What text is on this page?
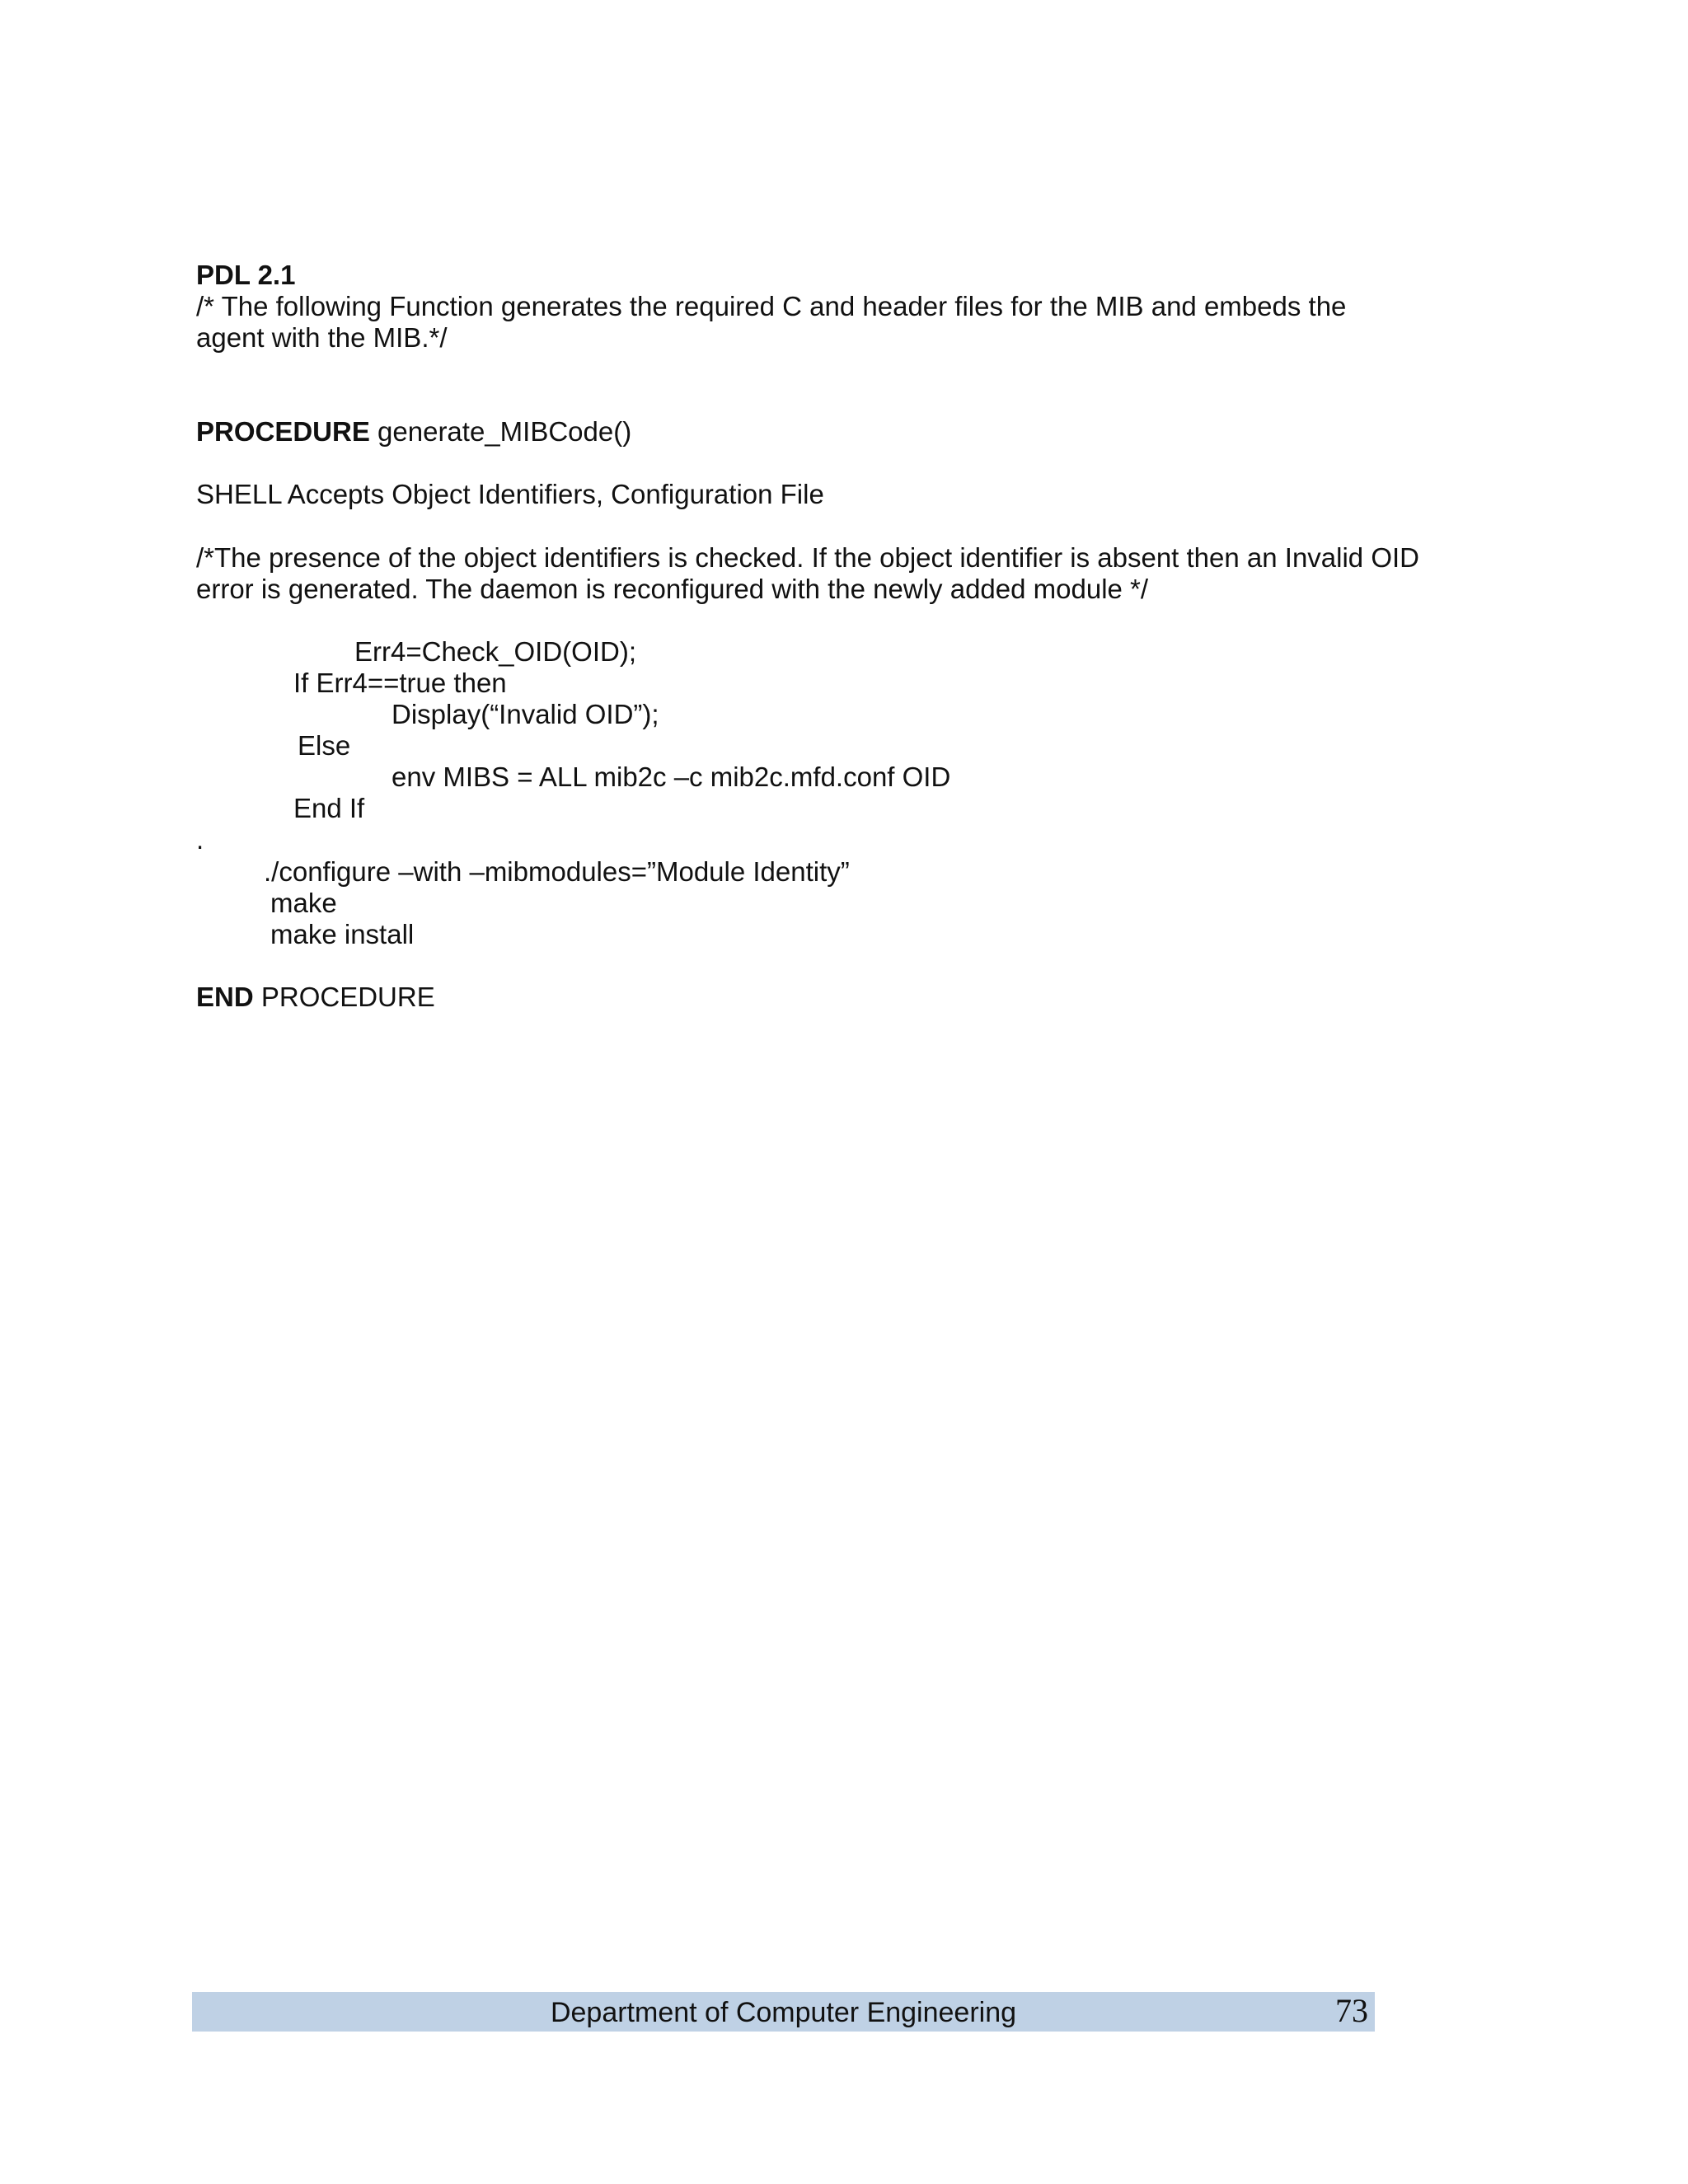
PDL 2.1
/* The following Function generates the required C and header files for the MIB and embeds the
agent with the MIB.*/
PROCEDURE generate_MIBCode()
SHELL Accepts Object Identifiers, Configuration File
/*The presence of the object identifiers is checked. If the object identifier is absent then an Invalid OID
error is generated. The daemon is reconfigured with the newly added module */
Err4=Check_OID(OID);
If Err4==true then
Display(“Invalid OID”);
Else
env MIBS = ALL mib2c –c mib2c.mfd.conf OID
End If
.
./configure –with –mibmodules=”Module Identity”
make
make install
END PROCEDURE
Department of Computer Engineering	73
